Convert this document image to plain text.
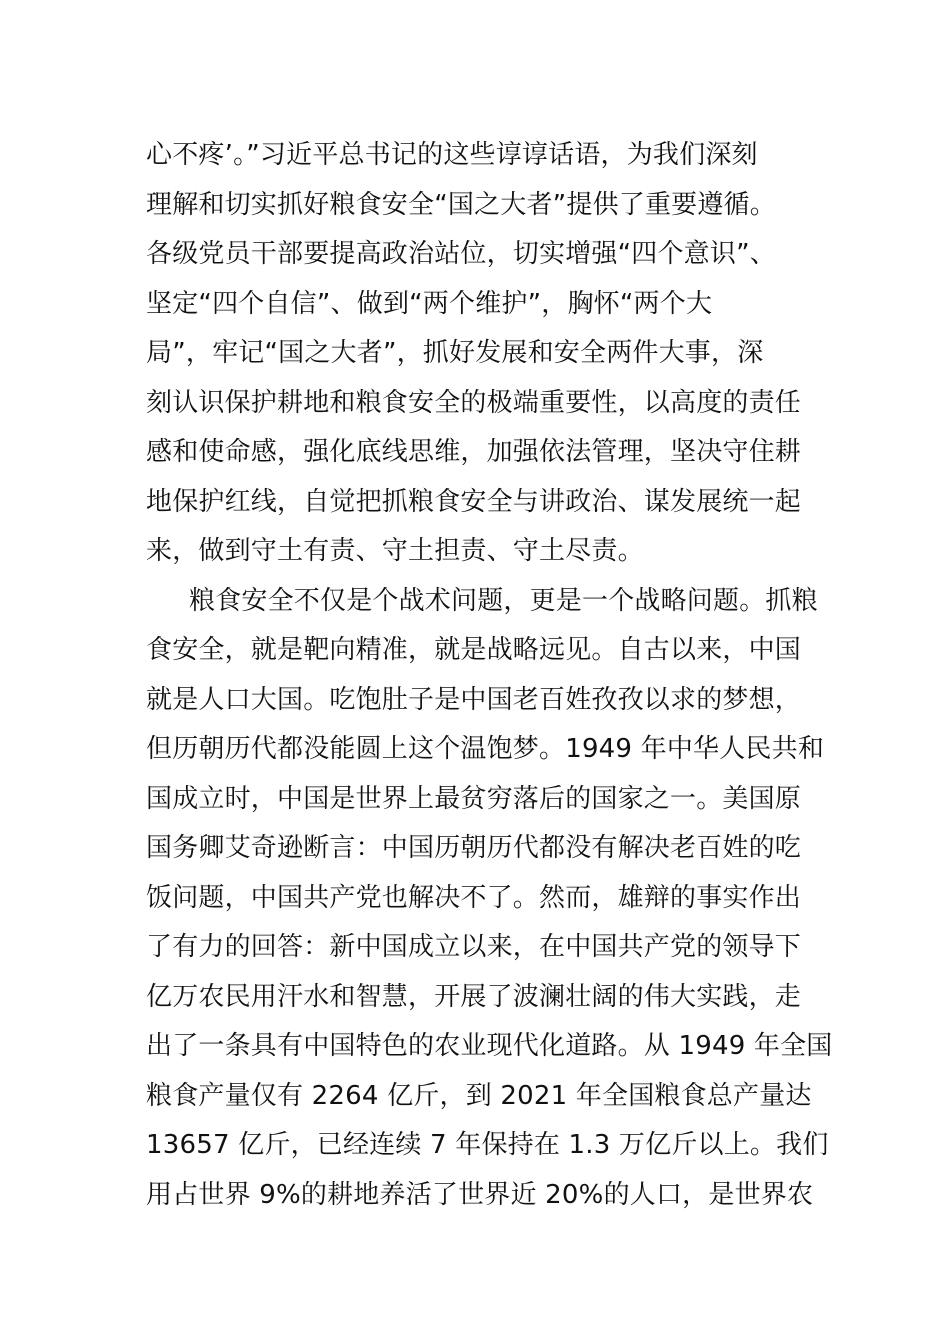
心不疼’。”习近平总书记的这些谆谆话语，为我们深刻
理解和切实抓好粮食安全“国之大者”提供了重要遵循。
各级党员干部要提高政治站位，切实增强“四个意识”、
坚定“四个自信”、做到“两个维护”，胸怀“两个大
局”，牢记“国之大者”，抓好发展和安全两件大事，深
刻认识保护耕地和粮食安全的极端重要性，以高度的责任
感和使命感，强化底线思维，加强依法管理，坚决守住耕
地保护红线，自觉把抓粮食安全与讲政治、谋发展统一起
来，做到守土有责、守土担责、守土尽责。
粮食安全不仅是个战术问题，更是一个战略问题。抓粮
食安全，就是靶向精准，就是战略远见。自古以来，中国
就是人口大国。吃饱肚子是中国老百姓孜孜以求的梦想，
但历朝历代都没能圆上这个温饱梦。1949 年中华人民共和
国成立时，中国是世界上最贫穷落后的国家之一。美国原
国务卿艾奇逊断言：中国历朝历代都没有解决老百姓的吃
饭问题，中国共产党也解决不了。然而，雄辩的事实作出
了有力的回答：新中国成立以来，在中国共产党的领导下
亿万农民用汗水和智慧，开展了波澜壮阔的伟大实践，走
出了一条具有中国特色的农业现代化道路。从 1949 年全国
粮食产量仅有 2264 亿斤，到 2021 年全国粮食总产量达
13657 亿斤，已经连续 7 年保持在 1.3 万亿斤以上。我们
用占世界 9%的耕地养活了世界近 20%的人口，是世界农
